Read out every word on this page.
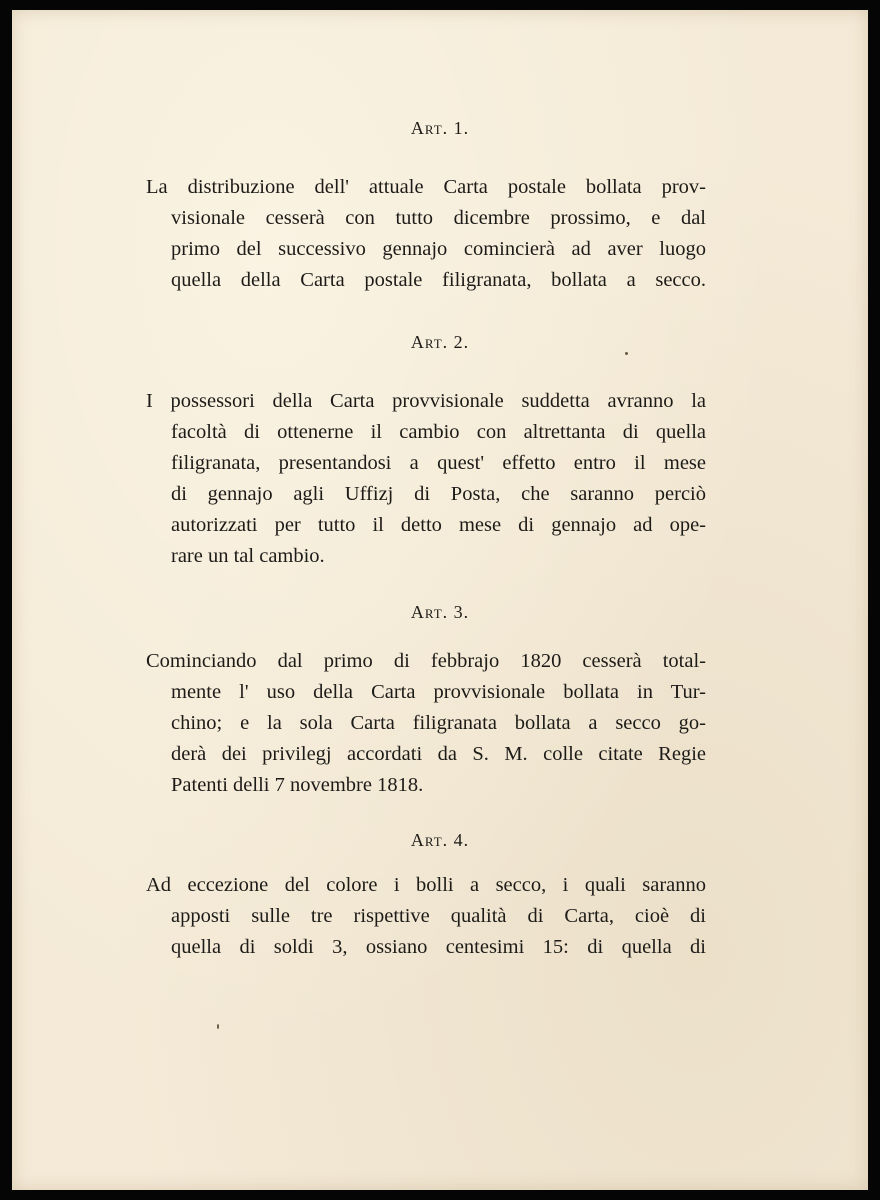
Art. 1.
La distribuzione dell' attuale Carta postale bollata prov-
visionale cesserà con tutto dicembre prossimo, e dal
primo del successivo gennajo comincierà ad aver luogo
quella della Carta postale filigranata, bollata a secco.
Art. 2.
I possessori della Carta provvisionale suddetta avranno la
facoltà di ottenerne il cambio con altrettanta di quella
filigranata, presentandosi a quest' effetto entro il mese
di gennajo agli Uffizj di Posta, che saranno perciò
autorizzati per tutto il detto mese di gennajo ad ope-
rare un tal cambio.
Art. 3.
Cominciando dal primo di febbrajo 1820 cesserà total-
mente l' uso della Carta provvisionale bollata in Tur-
chino; e la sola Carta filigranata bollata a secco go-
derà dei privilegj accordati da S. M. colle citate Regie
Patenti delli 7 novembre 1818.
Art. 4.
Ad eccezione del colore i bolli a secco, i quali saranno
apposti sulle tre rispettive qualità di Carta, cioè di
quella di soldi 3, ossiano centesimi 15: di quella di
